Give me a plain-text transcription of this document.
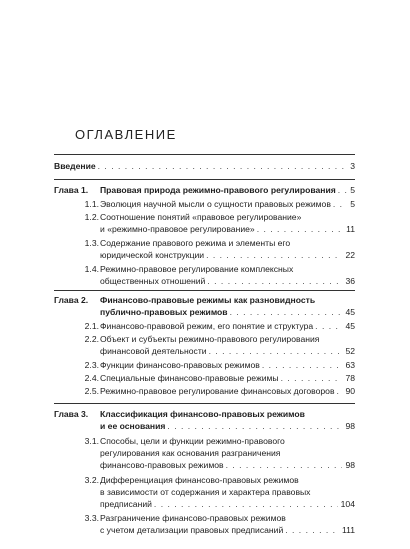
ОГЛАВЛЕНИЕ
Введение . . .	3
Глава 1.	Правовая природа режимно-правового регулирования . . . 5
1.1. Эволюция научной мысли о сущности правовых режимов . . . 5
1.2. Соотношение понятий «правовое регулирование»
и «режимно-правовое регулирование» . . .	11
1.3. Содержание правового режима и элементы его
юридической конструкции . . .	22
1.4. Режимно-правовое регулирование комплексных
общественных отношений . . .	36
Глава 2.	Финансово-правовые режимы как разновидность
публично-правовых режимов . . .	45
2.1. Финансово-правовой режим, его понятие и структура . . .	45
2.2. Объект и субъекты режимно-правового регулирования
финансовой деятельности . . .	52
2.3. Функции финансово-правовых режимов . . .	63
2.4. Специальные финансово-правовые режимы . . .	78
2.5. Режимно-правовое регулирование финансовых договоров . . . 90
Глава 3.	Классификация финансово-правовых режимов
и ее основания . . .	98
3.1. Способы, цели и функции режимно-правового
регулирования как основания разграничения
финансово-правовых режимов . . .	98
3.2. Дифференциация финансово-правовых режимов
в зависимости от содержания и характера правовых
предписаний . . .	104
3.3. Разграничение финансово-правовых режимов
с учетом детализации правовых предписаний . . .	111
